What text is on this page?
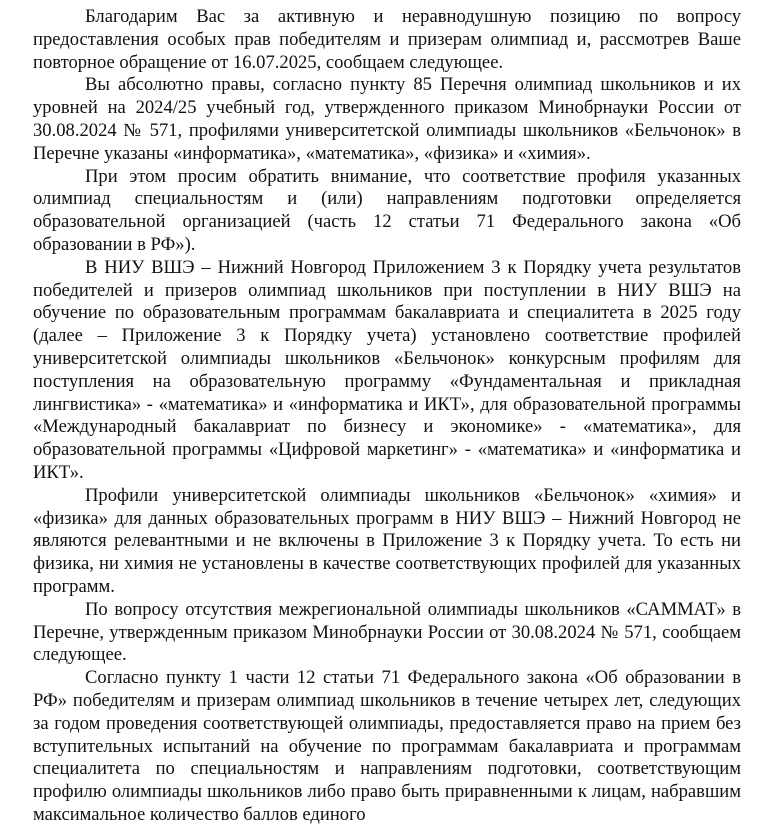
Благодарим Вас за активную и неравнодушную позицию по вопросу предоставления особых прав победителям и призерам олимпиад и, рассмотрев Ваше повторное обращение от 16.07.2025, сообщаем следующее.

Вы абсолютно правы, согласно пункту 85 Перечня олимпиад школьников и их уровней на 2024/25 учебный год, утвержденного приказом Минобрнауки России от 30.08.2024 № 571, профилями университетской олимпиады школьников «Бельчонок» в Перечне указаны «информатика», «математика», «физика» и «химия».

При этом просим обратить внимание, что соответствие профиля указанных олимпиад специальностям и (или) направлениям подготовки определяется образовательной организацией (часть 12 статьи 71 Федерального закона «Об образовании в РФ»).

В НИУ ВШЭ – Нижний Новгород Приложением 3 к Порядку учета результатов победителей и призеров олимпиад школьников при поступлении в НИУ ВШЭ на обучение по образовательным программам бакалавриата и специалитета в 2025 году (далее – Приложение 3 к Порядку учета) установлено соответствие профилей университетской олимпиады школьников «Бельчонок» конкурсным профилям для поступления на образовательную программу «Фундаментальная и прикладная лингвистика» - «математика» и «информатика и ИКТ», для образовательной программы «Международный бакалавриат по бизнесу и экономике» - «математика», для образовательной программы «Цифровой маркетинг» - «математика» и «информатика и ИКТ».

Профили университетской олимпиады школьников «Бельчонок» «химия» и «физика» для данных образовательных программ в НИУ ВШЭ – Нижний Новгород не являются релевантными и не включены в Приложение 3 к Порядку учета. То есть ни физика, ни химия не установлены в качестве соответствующих профилей для указанных программ.

По вопросу отсутствия межрегиональной олимпиады школьников «САММАТ» в Перечне, утвержденным приказом Минобрнауки России от 30.08.2024 № 571, сообщаем следующее.

Согласно пункту 1 части 12 статьи 71 Федерального закона «Об образовании в РФ» победителям и призерам олимпиад школьников в течение четырех лет, следующих за годом проведения соответствующей олимпиады, предоставляется право на прием без вступительных испытаний на обучение по программам бакалавриата и программам специалитета по специальностям и направлениям подготовки, соответствующим профилю олимпиады школьников либо право быть приравненными к лицам, набравшим максимальное количество баллов единого
